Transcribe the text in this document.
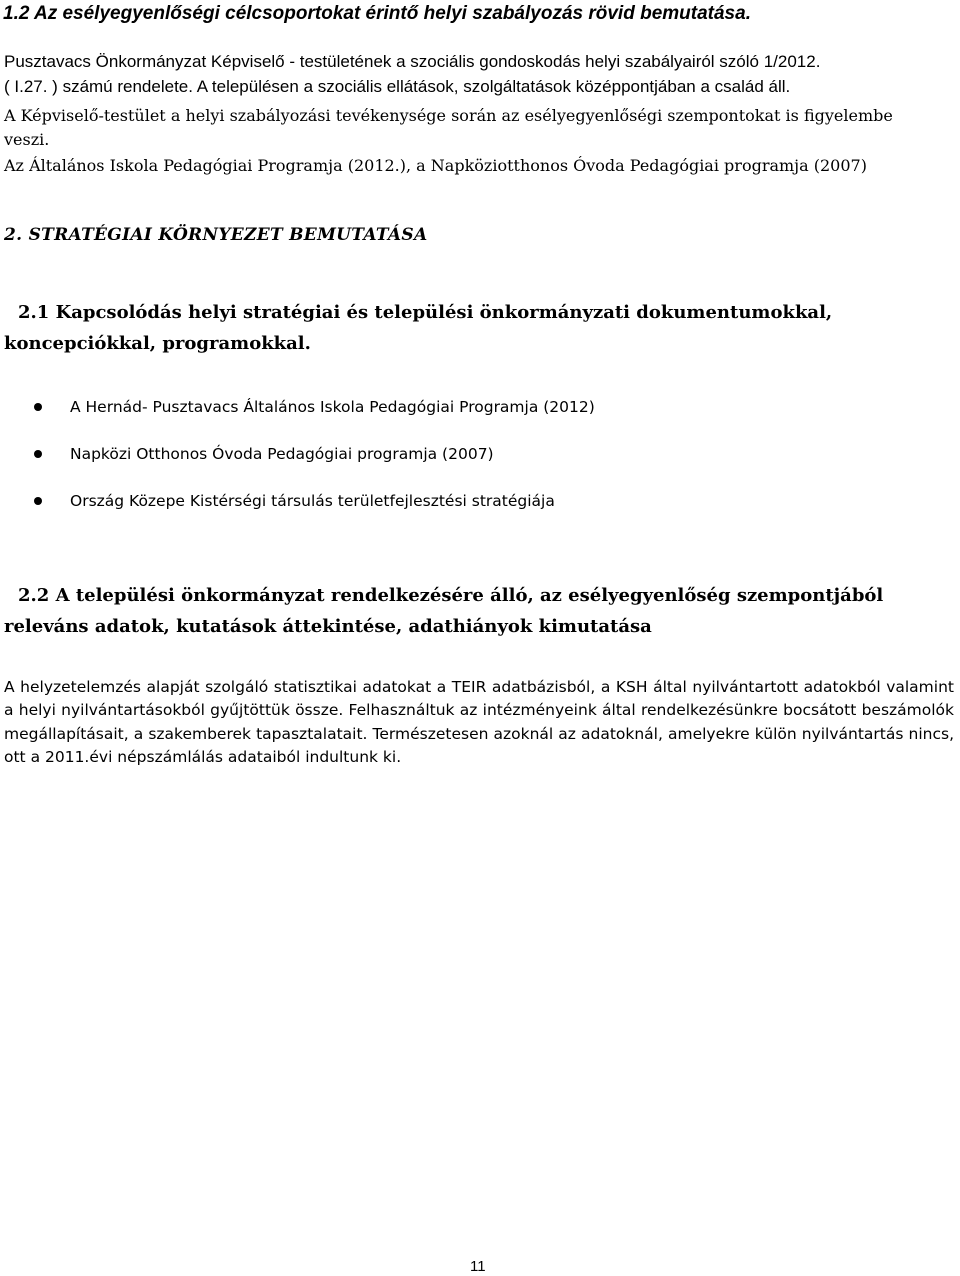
1.2 Az esélyegyenlőségi célcsoportokat érintő helyi szabályozás rövid bemutatása.

Pusztavacs Önkormányzat Képviselő - testületének a szociális gondoskodás helyi szabályairól szóló 1/2012.

( I.27. ) számú rendelete. A településen a szociális ellátások, szolgáltatások középpontjában a család áll.

A Képviselő-testület a helyi szabályozási tevékenysége során az esélyegyenlőségi szempontokat is figyelembe

veszi.

Az Általános Iskola Pedagógiai Programja (2012.), a Napköziotthonos Óvoda Pedagógiai programja (2007)

2. STRATÉGIAI KÖRNYEZET BEMUTATÁSA
2.1 Kapcsolódás helyi stratégiai és települési önkormányzati dokumentumokkal,
koncepciókkal, programokkal.
A Hernád- Pusztavacs Általános Iskola Pedagógiai Programja (2012)
Napközi Otthonos Óvoda Pedagógiai programja (2007)
Ország Közepe Kistérségi társulás területfejlesztési stratégiája
2.2 A települési önkormányzat rendelkezésére álló, az esélyegyenlőség szempontjából
releváns adatok, kutatások áttekintése, adathiányok kimutatása

A helyzetelemzés alapját szolgáló statisztikai adatokat a TEIR adatbázisból, a KSH által nyilvántartott adatokból valamint a helyi nyilvántartásokból gyűjtöttük össze. Felhasználtuk az intézményeink által rendelkezésünkre bocsátott beszámolók megállapításait, a szakemberek tapasztalatait. Természetesen azoknál az adatoknál, amelyekre külön nyilvántartás nincs, ott a 2011.évi népszámlálás adataiból indultunk ki.

11
